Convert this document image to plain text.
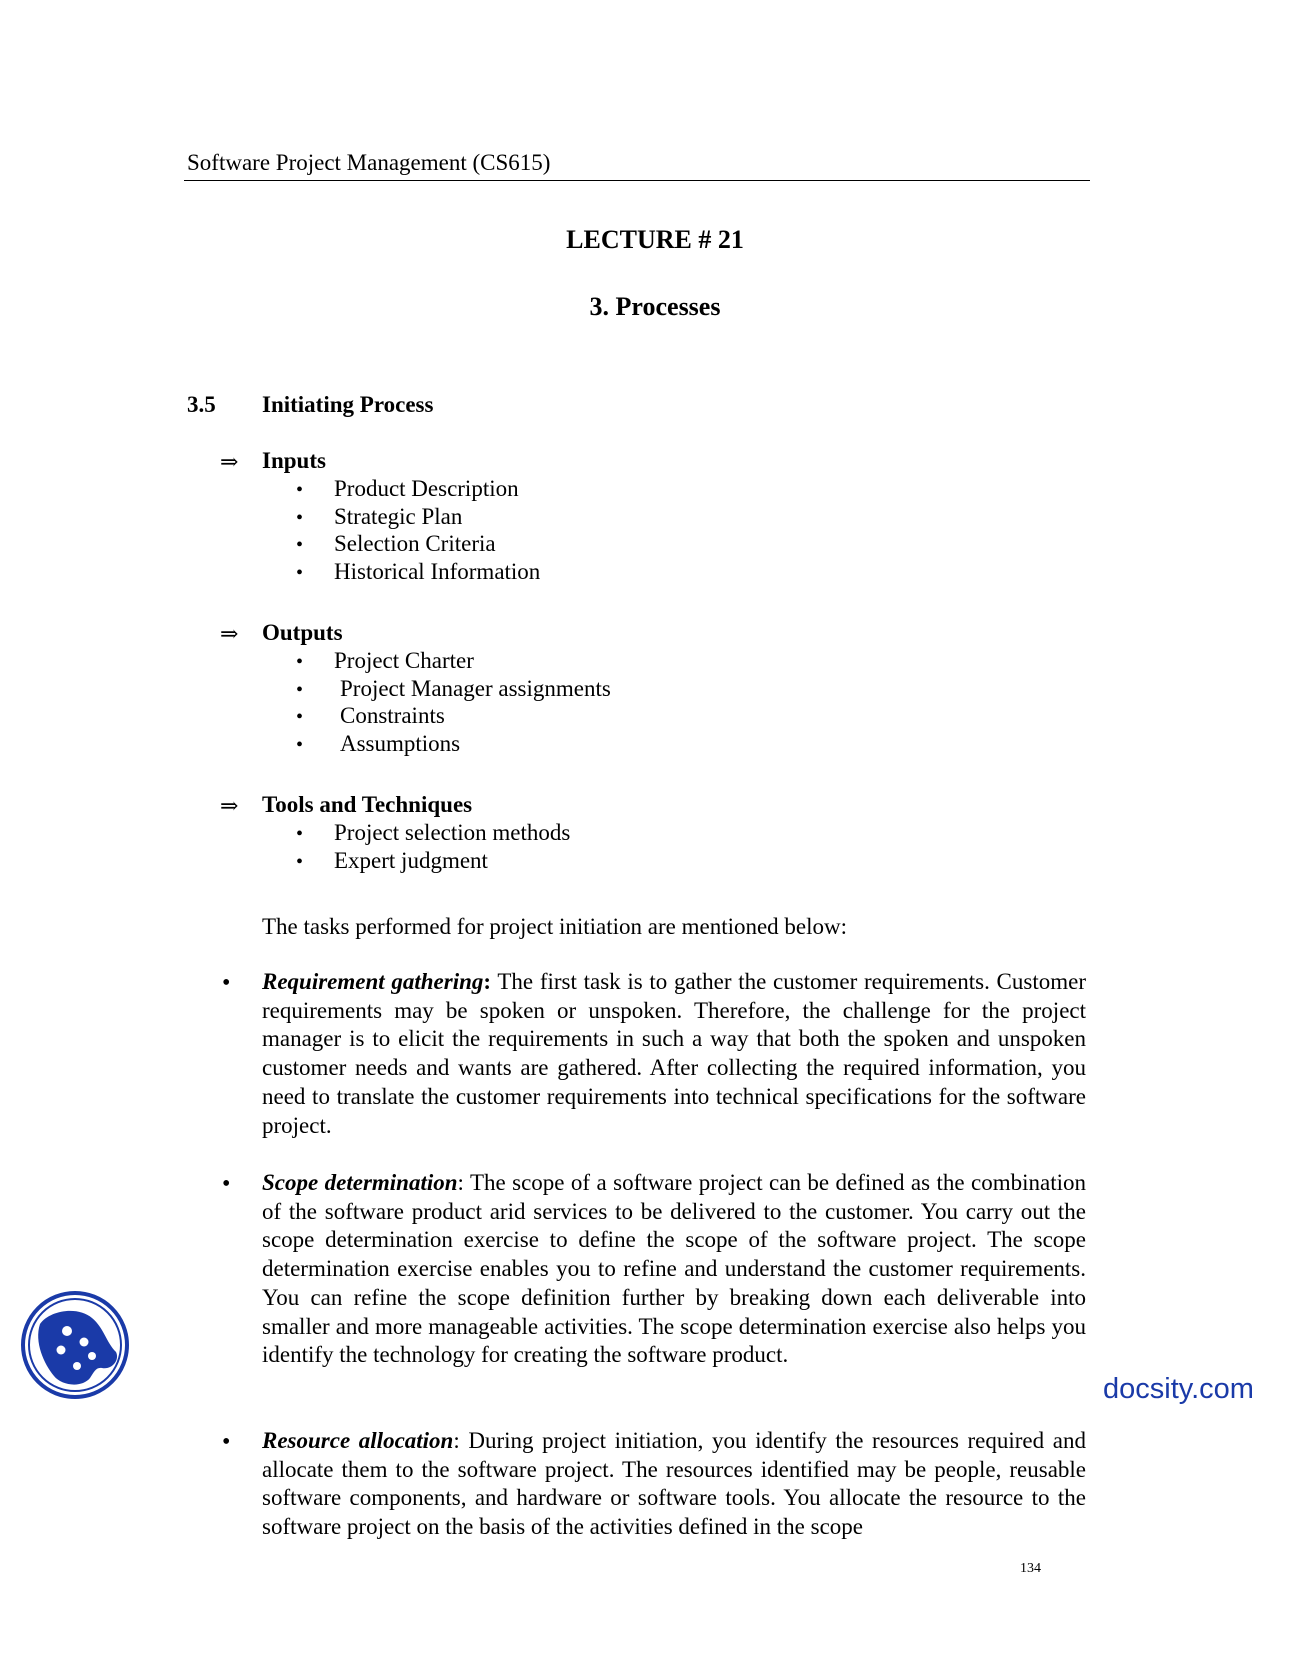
Software Project Management (CS615)
LECTURE # 21
3. Processes
3.5 Initiating Process
⇒ Inputs
• Product Description
• Strategic Plan
• Selection Criteria
• Historical Information
⇒ Outputs
• Project Charter
• Project Manager assignments
• Constraints
• Assumptions
⇒ Tools and Techniques
• Project selection methods
• Expert judgment
The tasks performed for project initiation are mentioned below:
• Requirement gathering: The first task is to gather the customer requirements. Customer requirements may be spoken or unspoken. Therefore, the challenge for the project manager is to elicit the requirements in such a way that both the spoken and unspoken customer needs and wants are gathered. After collecting the required information, you need to translate the customer requirements into technical specifications for the software project.
• Scope determination: The scope of a software project can be defined as the combination of the software product arid services to be delivered to the customer. You carry out the scope determination exercise to define the scope of the software project. The scope determination exercise enables you to refine and understand the customer requirements. You can refine the scope definition further by breaking down each deliverable into smaller and more manageable activities. The scope determination exercise also helps you identify the technology for creating the software product.
• Resource allocation: During project initiation, you identify the resources required and allocate them to the software project. The resources identified may be people, reusable software components, and hardware or software tools. You allocate the resource to the software project on the basis of the activities defined in the scope
134
docsity.com
